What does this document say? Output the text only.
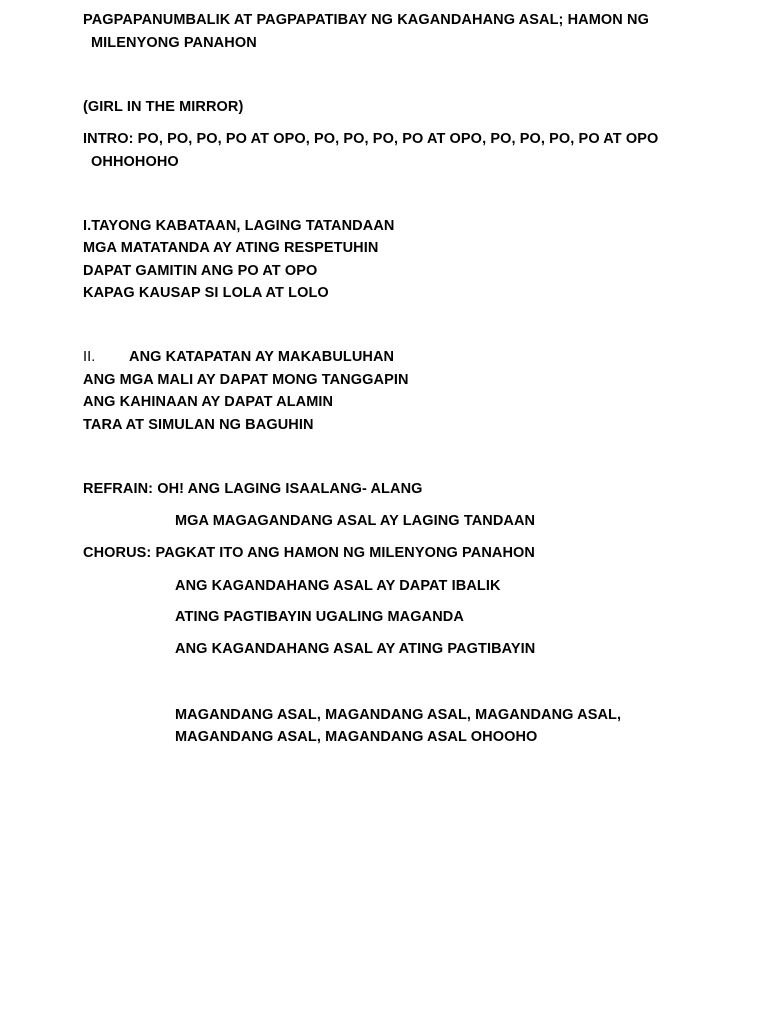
PAGPAPANUMBALIK AT PAGPAPATIBAY NG KAGANDAHANG ASAL; HAMON NG
MILENYONG PANAHON
(GIRL IN THE MIRROR)
INTRO: PO, PO, PO, PO AT OPO, PO, PO, PO, PO AT OPO, PO, PO, PO, PO AT OPO
OHHOHOHO
I.TAYONG KABATAAN, LAGING TATANDAAN
MGA MATATANDA AY ATING RESPETUHIN
DAPAT GAMITIN ANG PO AT OPO
KAPAG KAUSAP SI LOLA AT LOLO
II. ANG KATAPATAN AY MAKABULUHAN
ANG MGA MALI AY DAPAT MONG TANGGAPIN
ANG KAHINAAN AY DAPAT ALAMIN
TARA AT SIMULAN NG BAGUHIN
REFRAIN: OH! ANG LAGING ISAALANG- ALANG
MGA MAGAGANDANG ASAL AY LAGING TANDAAN
CHORUS: PAGKAT ITO ANG HAMON NG MILENYONG PANAHON
ANG KAGANDAHANG ASAL AY DAPAT IBALIK
ATING PAGTIBAYIN UGALING MAGANDA
ANG KAGANDAHANG ASAL AY ATING PAGTIBAYIN
MAGANDANG ASAL, MAGANDANG ASAL, MAGANDANG ASAL,
MAGANDANG ASAL, MAGANDANG ASAL OHOOHO
